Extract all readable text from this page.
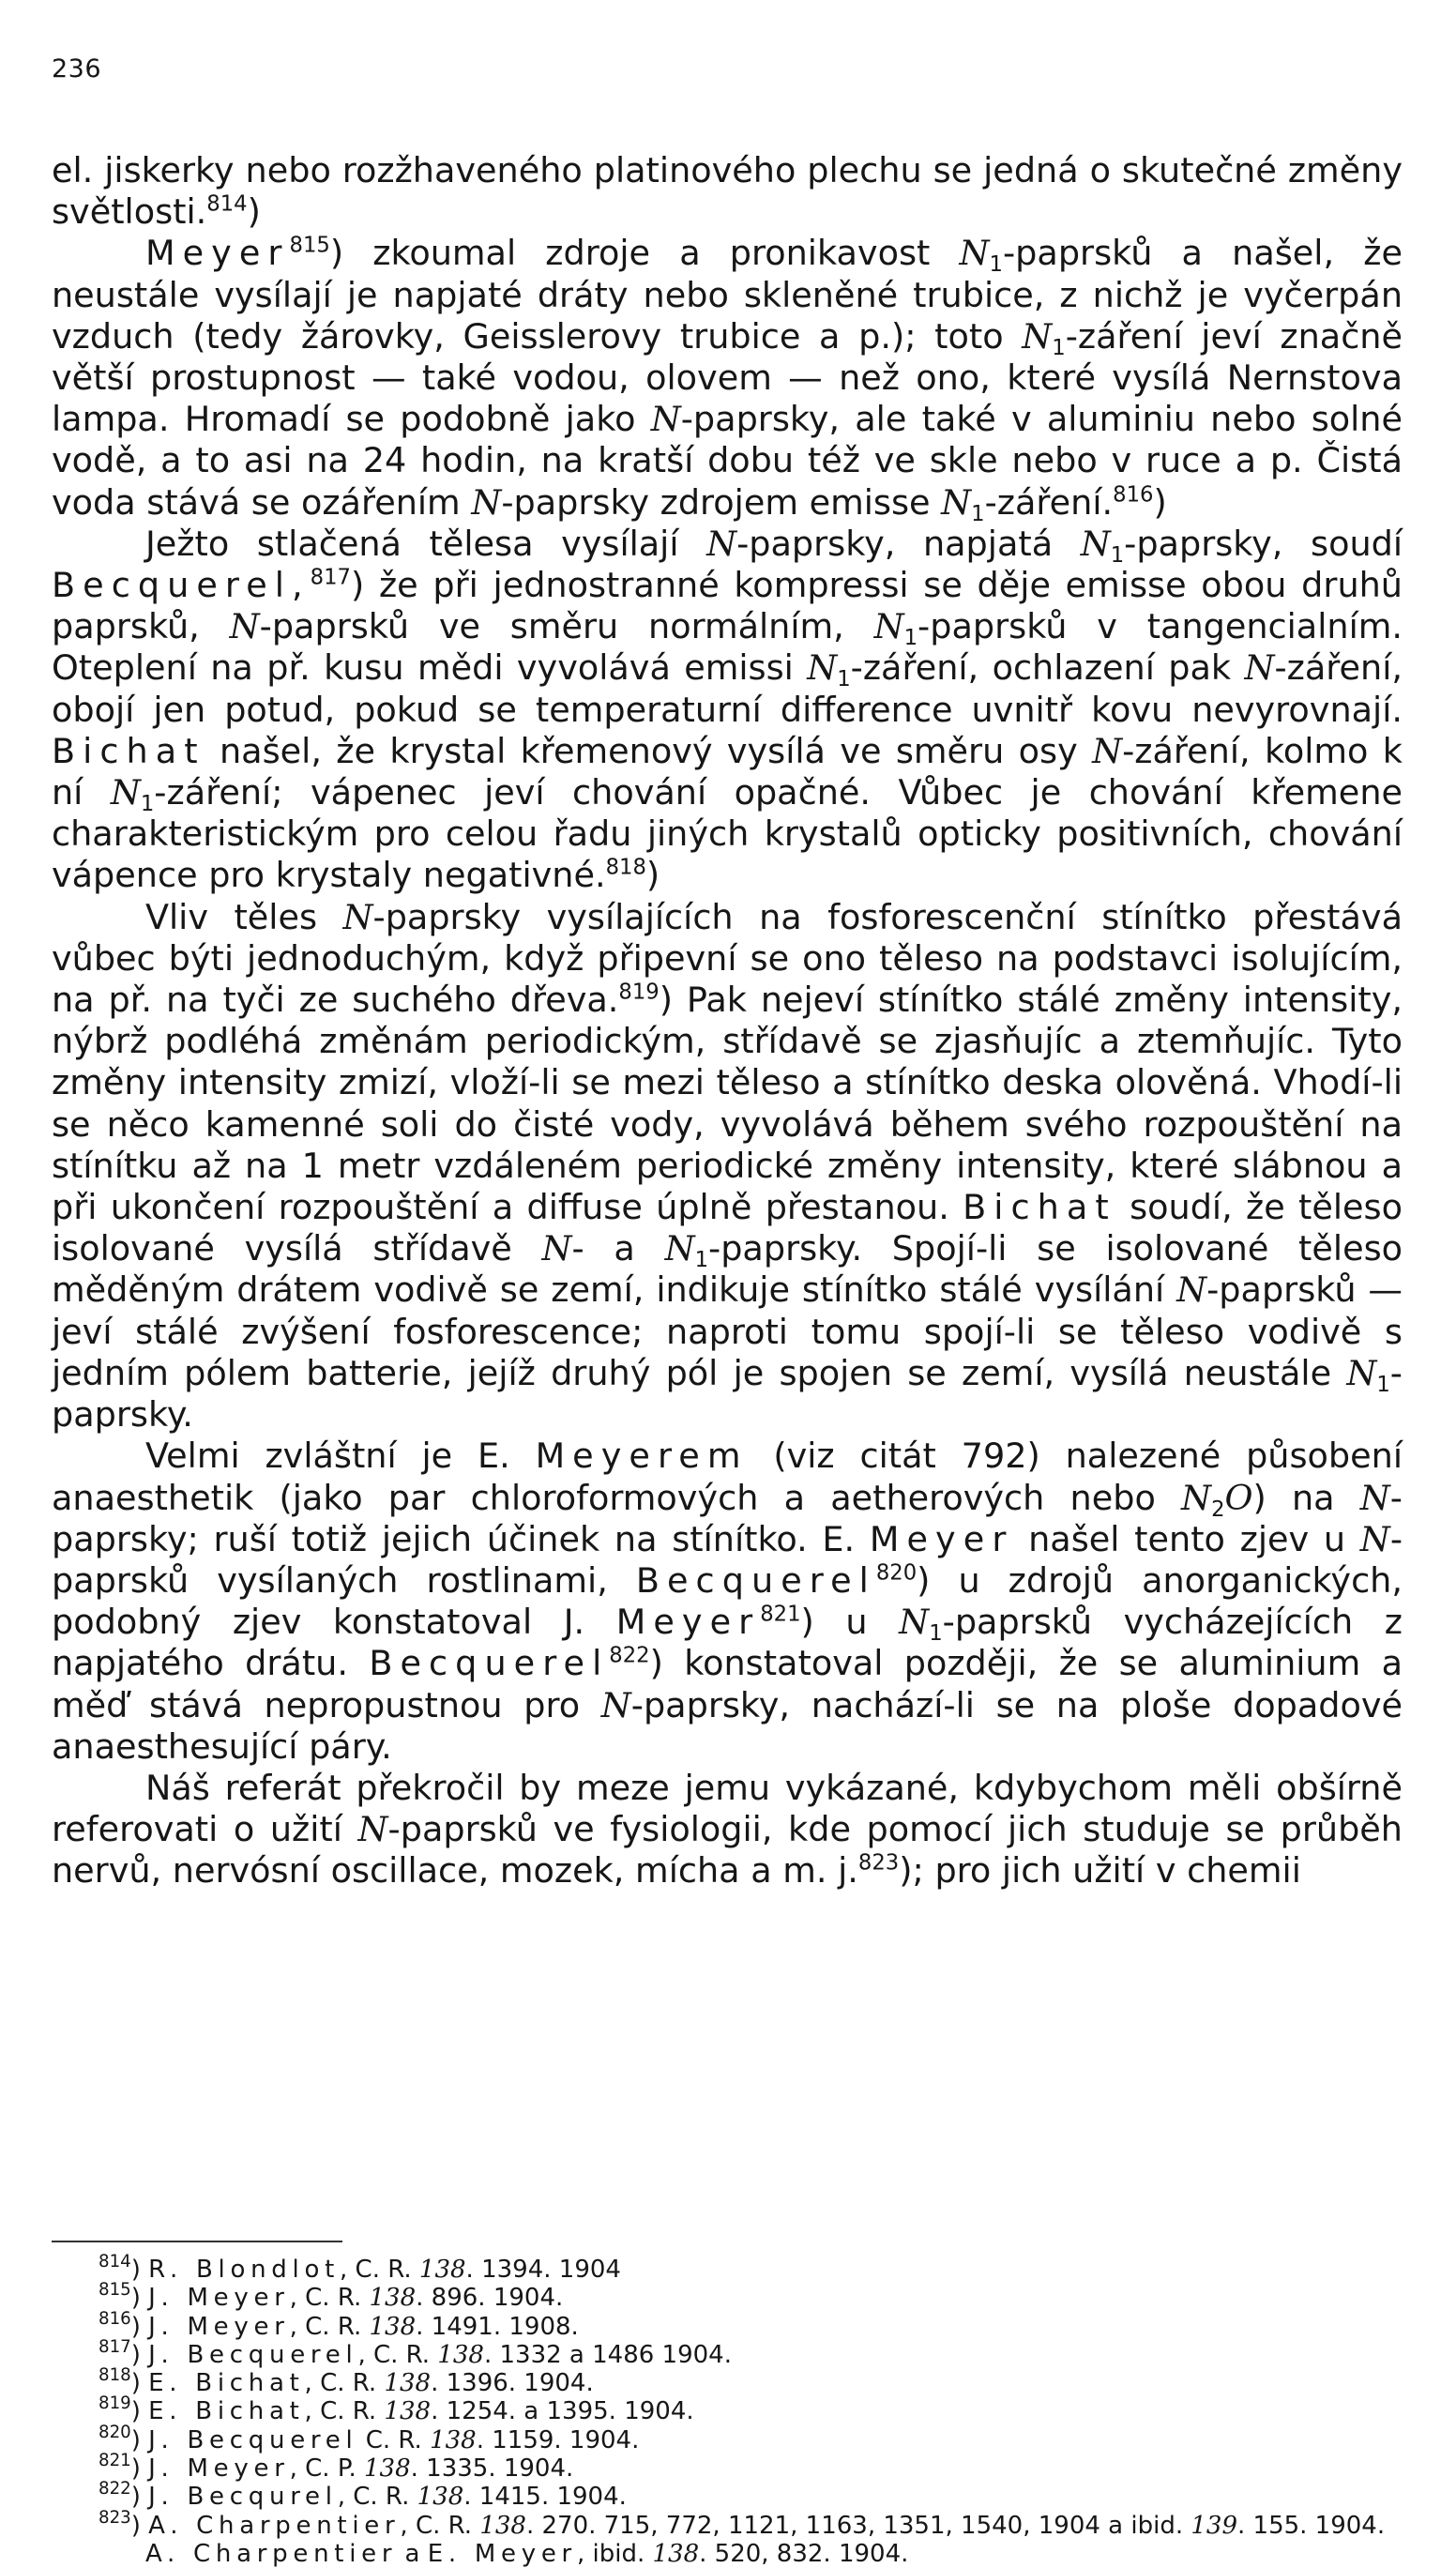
236

el. jiskerky nebo rozžhaveného platinového plechu se jedná o skutečné změny světlosti.$^{814}$)

Meyer$^{815}$) zkoumal zdroje a pronikavost $N_1$-paprsků a našel, že neustále vysílají je napjaté dráty nebo skleněné trubice, z nichž je vyčerpán vzduch (tedy žárovky, Geisslerovy trubice a p.); toto $N_1$-záření jeví značně větší prostupnost — také vodou, olovem — než ono, které vysílá Nernstova lampa. Hromadí se podobně jako N-paprsky, ale také v aluminiu nebo solné vodě, a to asi na 24 hodin, na kratší dobu též ve skle nebo v ruce a p. Čistá voda stává se ozářením N-paprsky zdrojem emisse $N_1-záření.^{816}$)

Ježto stlačená tělesa vysílají N-paprsky, napjatá $N_1$-paprsky, soudí Becquerel,$^{817}$) že při jednostranné kompressi se děje emisse obou druhů paprsků, N-paprsků ve směru normálním, $N_1$-paprsků v tangencialním. Oteplení na př. kusu mědi vyvolává emissi $N_1$-záření, ochlazení pak N-záření, obojí jen potud, pokud se temperaturní difference uvnitř kovu nevyrovnají. Bichat našel, že krystal křemenový vysílá ve směru osy N-záření, kolmo k ní $N_1$-záření; vápenec jeví chování opačné. Vůbec je chování křemene charakteristickým pro celou řadu jiných krystalů opticky positivních, chování vápence pro krystaly negativné.$^{818}$)

Vliv těles N-paprsky vysílajících na fosforescenční stínítko přestává vůbec býti jednoduchým, když připevní se ono těleso na podstavci isolujícím, na př. na tyči ze suchého dřeva.$^{819}$) Pak nejeví stínítko stálé změny intensity, nýbrž podléhá změnám periodickým, střídavě se zjasňujíc a ztemňujíc. Tyto změny intensity zmizí, vloží-li se mezi těleso a stínítko deska olověná. Vhodí-li se něco kamenné soli do čisté vody, vyvolává během svého rozpouštění na stínítku až na 1 metr vzdáleném periodické změny intensity, které slábnou a při ukončení rozpouštění a diffuse úplně přestanou. Bichat soudí, že těleso isolované vysílá střídavě N- a $N_1$-paprsky. Spojí-li se isolované těleso měděným drátem vodivě se zemí, indikuje stínítko stálé vysílání N-paprsků — jeví stálé zvýšení fosforescence; naproti tomu spojí-li se těleso vodivě s jedním pólem batterie, jejíž druhý pól je spojen se zemí, vysílá neustále $N_1$-paprsky.

Velmi zvláštní je E. Meyerem (viz citát 792) nalezené působení anaesthetik (jako par chloroformových a aetherových nebo $N_2O$) na N-paprsky; ruší totiž jejich účinek na stínítko. E. Meyer našel tento zjev u N-paprsků vysílaných rostlinami, Becquerel$^{820}$) u zdrojů anorganických, podobný zjev konstatoval J. Meyer$^{821}$) u $N_1$-paprsků vycházejících z napjatého drátu. Becquerel$^{822}$) konstatoval později, že se aluminium a měď stává nepropustnou pro N-paprsky, nachází-li se na ploše dopadové anaesthesující páry.

Náš referát překročil by meze jemu vykázané, kdybychom měli obšírně referovati o užití N-paprsků ve fysiologii, kde pomocí jich studuje se průběh nervů, nervósní oscillace, mozek, mícha a m. j.$^{823}$); pro jich užití v chemii

$^{814}$) R. Blondlot, C. R. 138. 1394. 1904

$^{815}$) J. Meyer, C. R. 138. 896. 1904.

$^{816}$) J. Meyer, C. R. 138. 1491. 1908.

$^{817}$) J. Becquerel, C. R. 138. 1332 a 1486 1904.

$^{818}$) E. Bichat, C. R. 138. 1396. 1904.

$^{819}$) E. Bichat, C. R. 138. 1254. a 1395. 1904.

$^{820}$) J. Becquerel C. R. 138. 1159. 1904.

$^{821}$) J. Meyer, C. P. 138. 1335. 1904.

$^{822}$) J. Becqurel, C. R. 138. 1415. 1904.

$^{823}$) A. Charpentier, C. R. 138. 270. 715, 772, 1121, 1163, 1351, 1540, 1904 a ibid. 139. 155. 1904. A. Charpentier a E. Meyer, ibid. 138. 520, 832. 1904.
